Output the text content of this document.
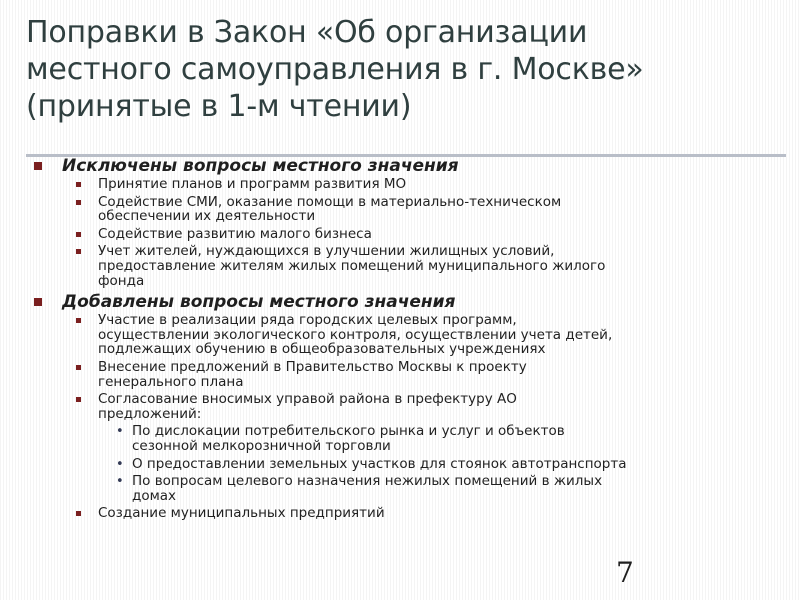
Поправки в Закон «Об организации
местного самоуправления в г. Москве»
(принятые в 1-м чтении)
Исключены вопросы местного значения
Принятие планов и программ развития МО
Содействие СМИ, оказание помощи в материально-техническом
обеспечении их деятельности
Содействие развитию малого бизнеса
Учет жителей, нуждающихся в улучшении жилищных условий,
предоставление жителям жилых помещений муниципального жилого
фонда
Добавлены вопросы местного значения
Участие в реализации ряда городских целевых программ,
осуществлении экологического контроля, осуществлении учета детей,
подлежащих обучению в общеобразовательных учреждениях
Внесение предложений в Правительство Москвы к проекту
генерального плана
Согласование вносимых управой района в префектуру АО
предложений:
• По дислокации потребительского рынка и услуг и объектов
сезонной мелкорозничной торговли
• О предоставлении земельных участков для стоянок автотранспорта
• По вопросам целевого назначения нежилых помещений в жилых
домах
Создание муниципальных предприятий
7
